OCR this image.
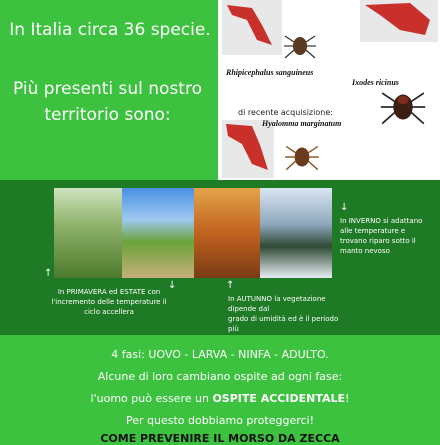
In Italia circa 36 specie.
Più presenti sul nostro
territorio sono:
Rhipicephalus sanguineus
Ixodes ricinus
di recente acquisizione:
Hyalomma marginatum
↑
↓	↑
↓
In PRIMAVERA ed ESTATE con
l'incremento delle temperature il
ciclo accellera
In AUTUNNO la vegetazione dipende dal
grado di umidità ed è il periodo più
In INVERNO si adattano
alle temperature e
trovano riparo sotto il
manto nevoso
4 fasi: UOVO - LARVA - NINFA - ADULTO.
Alcune di loro cambiano ospite ad ogni fase:
l'uomo può essere un OSPITE ACCIDENTALE!
Per questo dobbiamo proteggerci!
COME PREVENIRE IL MORSO DA ZECCA
